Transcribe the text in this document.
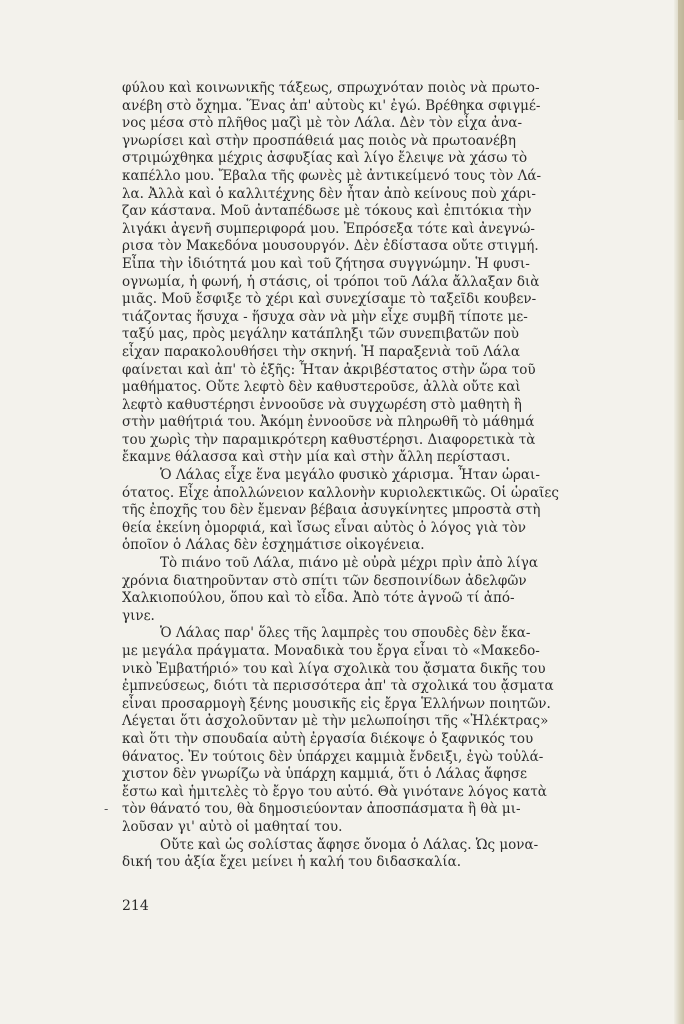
φύλου καὶ κοινωνικῆς τάξεως, σπρωχνόταν ποιὸς νὰ πρωτο-
ανέβη στὸ ὄχημα. Ἕνας ἀπ' αὐτοὺς κι' ἐγώ. Βρέθηκα σφιγμέ-
νος μέσα στὸ πλῆθος μαζὶ μὲ τὸν Λάλα. Δὲν τὸν εἶχα ἀνα-
γνωρίσει καὶ στὴν προσπάθειά μας ποιὸς νὰ πρωτοανέβη
στριμώχθηκα μέχρις ἀσφυξίας καὶ λίγο ἔλειψε νὰ χάσω τὸ
καπέλλο μου. Ἔβαλα τῆς φωνὲς μὲ ἀντικείμενό τους τὸν Λά-
λα. Ἀλλὰ καὶ ὁ καλλιτέχνης δὲν ἦταν ἀπὸ κείνους ποὺ χάρι-
ζαν κάστανα. Μοῦ ἀνταπέδωσε μὲ τόκους καὶ ἐπιτόκια τὴν
λιγάκι ἀγενῆ συμπεριφορά μου. Ἐπρόσεξα τότε καὶ ἀνεγνώ-
ρισα τὸν Μακεδόνα μουσουργόν. Δὲν ἐδίστασα οὔτε στιγμή.
Εἶπα τὴν ἰδιότητά μου καὶ τοῦ ζήτησα συγγνώμην. Ἡ φυσι-
ογνωμία, ἡ φωνή, ἡ στάσις, οἱ τρόποι τοῦ Λάλα ἄλλαξαν διὰ
μιᾶς. Μοῦ ἔσφιξε τὸ χέρι καὶ συνεχίσαμε τὸ ταξεῖδι κουβεν-
τιάζοντας ἥσυχα - ἥσυχα σὰν νὰ μὴν εἶχε συμβῆ τίποτε με-
ταξύ μας, πρὸς μεγάλην κατάπληξι τῶν συνεπιβατῶν ποὺ
εἶχαν παρακολουθήσει τὴν σκηνή. Ἡ παραξενιὰ τοῦ Λάλα
φαίνεται καὶ ἀπ' τὸ ἑξῆς: Ἦταν ἀκριβέστατος στὴν ὥρα τοῦ
μαθήματος. Οὔτε λεφτὸ δὲν καθυστεροῦσε, ἀλλὰ οὔτε καὶ
λεφτὸ καθυστέρησι ἐννοοῦσε νὰ συγχωρέση στὸ μαθητὴ ἢ
στὴν μαθήτριά του. Ἀκόμη ἐννοοῦσε νὰ πληρωθῆ τὸ μάθημά
του χωρὶς τὴν παραμικρότερη καθυστέρησι. Διαφορετικὰ τὰ
ἔκαμνε θάλασσα καὶ στὴν μία καὶ στὴν ἄλλη περίστασι.
Ὁ Λάλας εἶχε ἕνα μεγάλο φυσικὸ χάρισμα. Ἦταν ὡραι-
ότατος. Εἶχε ἀπολλώνειον καλλονὴν κυριολεκτικῶς. Οἱ ὡραῖες
τῆς ἐποχῆς του δὲν ἔμεναν βέβαια ἀσυγκίνητες μπροστὰ στὴ
θεία ἐκείνη ὀμορφιά, καὶ ἴσως εἶναι αὐτὸς ὁ λόγος γιὰ τὸν
ὁποῖον ὁ Λάλας δὲν ἐσχημάτισε οἰκογένεια.
Τὸ πιάνο τοῦ Λάλα, πιάνο μὲ οὐρὰ μέχρι πρὶν ἀπὸ λίγα
χρόνια διατηροῦνταν στὸ σπίτι τῶν δεσποινίδων ἀδελφῶν
Χαλκιοπούλου, ὅπου καὶ τὸ εἶδα. Ἀπὸ τότε ἀγνοῶ τί ἀπό-
γινε.
Ὁ Λάλας παρ' ὅλες τῆς λαμπρὲς του σπουδὲς δὲν ἔκα-
με μεγάλα πράγματα. Μοναδικὰ του ἔργα εἶναι τὸ «Μακεδο-
νικὸ Ἐμβατήριό» του καὶ λίγα σχολικὰ του ᾄσματα δικῆς του
ἐμπνεύσεως, διότι τὰ περισσότερα ἀπ' τὰ σχολικά του ᾄσματα
εἶναι προσαρμογὴ ξένης μουσικῆς εἰς ἔργα Ἑλλήνων ποιητῶν.
Λέγεται ὅτι ἀσχολοῦνταν μὲ τὴν μελωποίησι τῆς «Ἠλέκτρας»
καὶ ὅτι τὴν σπουδαία αὐτὴ ἐργασία διέκοψε ὁ ξαφνικός του
θάνατος. Ἐν τούτοις δὲν ὑπάρχει καμμιὰ ἔνδειξι, ἐγὼ τοὐλά-
χιστον δὲν γνωρίζω νὰ ὑπάρχη καμμιά, ὅτι ὁ Λάλας ἄφησε
ἔστω καὶ ἡμιτελὲς τὸ ἔργο του αὐτό. Θὰ γινότανε λόγος κατὰ
τὸν θάνατό του, θὰ δημοσιεύονταν ἀποσπάσματα ἢ θὰ μι-
λοῦσαν γι' αὐτὸ οἱ μαθηταί του.
Οὔτε καὶ ὡς σολίστας ἄφησε ὄνομα ὁ Λάλας. Ὡς μονα-
δική του ἀξία ἔχει μείνει ἡ καλή του διδασκαλία.
-
214
